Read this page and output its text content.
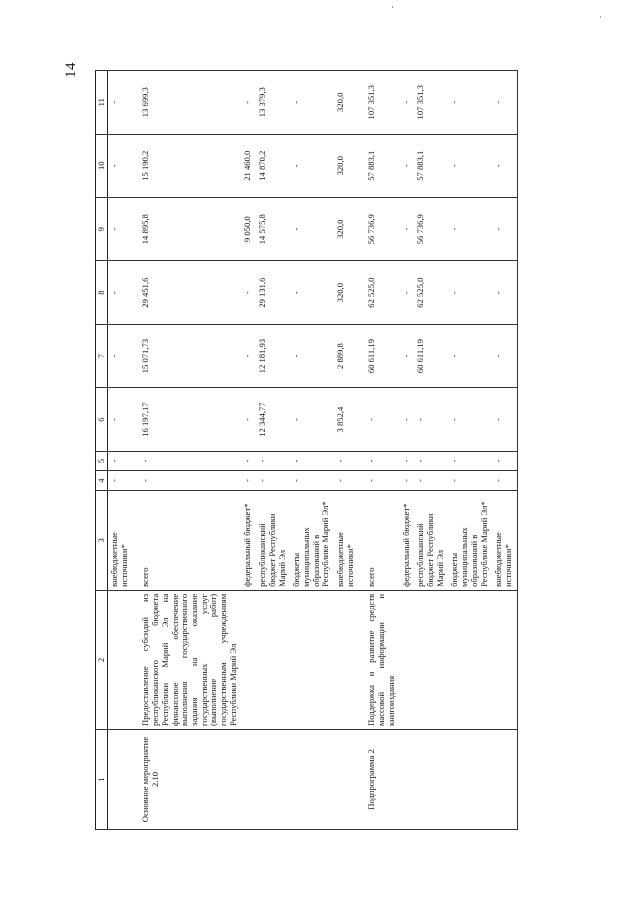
14
1	2	3	4	5	6	7	8	9	10	11
		внебюджетные источники*	-	-	-	-	-	-	-	-
Основное мероприятие 2.10	Предоставление субсидий из республиканского бюджета Республики Марий Эл на финансовое обеспечение выполнения государственного задания на оказание государственных услуг (выполнение работ) государственным учреждениям Республики Марий Эл	всего	-	-	16 197,17	15 071,73	29 451,6	14 895,8	15 190,2	13 699,3
		федеральный бюджет*	-	-	-	-	-	9 050,0	21 460,0	-
		республиканский бюджет Республики Марий Эл	-	-	12 344,77	12 181,93	29 131,6	14 575,8	14 870,2	13 379,3
		бюджеты муниципальных образований в Республике Марий Эл*	-	-	-	-	-	-	-	-
		внебюджетные источники*	-	-	3 852,4	2 889,8	320,0	320,0	320,0	320,0
Подпрограмма 2	Поддержка и развитие средств массовой информации и книгоиздания	всего	-	-	-	60 611,19	62 525,0	56 736,9	57 883,1	107 351,3
		федеральный бюджет*	-	-	-	-	-	-	-	-
		республиканский бюджет Республики Марий Эл	-	-	-	60 611,19	62 525,0	56 736,9	57 883,1	107 351,3
		бюджеты муниципальных образований в Республике Марий Эл*	-	-	-	-	-	-	-	-
		внебюджетные источники*	-	-	-	-	-	-	-	-
